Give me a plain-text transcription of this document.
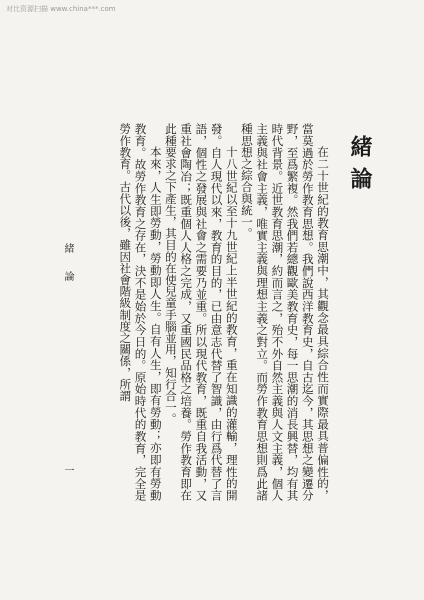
对比资源扫描 www.china***.com
緒論

在二十世紀的教育思潮中，其觀念最具綜合性而實際最具普偏性的，當莫過於勞作教育思想。我們說西洋教育史，自古迄今，其思想之變遷分野，至爲繁複。然我們若總觀歐美教育史，每一思潮的消長興替，均有其時代背景。近世教育思潮，約而言之，殆不外自然主義與人文主義，個人主義與社會主義，唯實主義與理想主義之對立。而勞作教育思想則爲此諸種思想之綜合與統一。

十八世紀以至十九世紀上半世紀的教育，重在知識的灌輸，理性的開發。自人現代以來，教育的目的，已由意志代替了智識，由行爲代替了言語，個性之發展與社會之需要乃並重。所以現代教育，既重自我活動，又重社會陶冶；既重個人人格之完成，又重國民品格之培養。勞作教育即在此種要求之下產生，其目的在使兒童手腦並用，知行合一。

本來，人生即勞動，勞動即人生。自有人生，即有勞動；亦即有勞動教育。故勞作教育之存在，決不是始於今日的。原始時代的教育，完全是勞作教育。古代以後，雖因社會階級制度之關係，所謂

緒論
一
